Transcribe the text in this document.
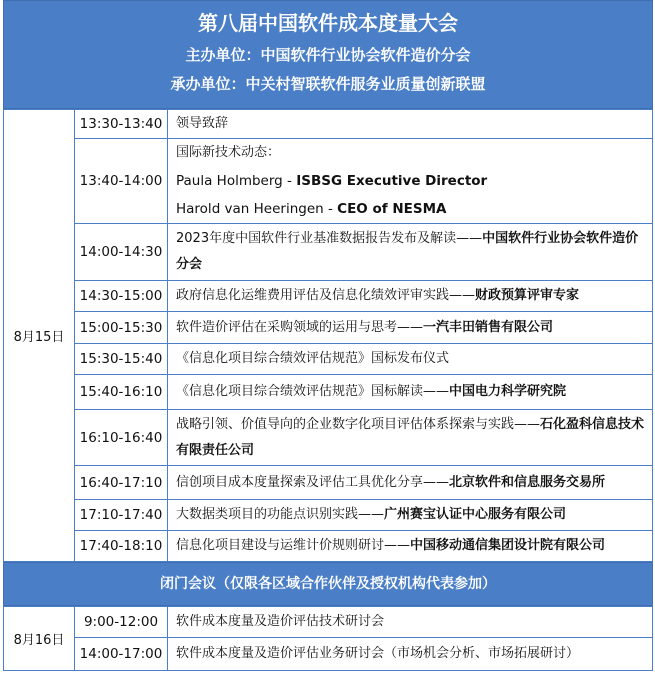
第八届中国软件成本度量大会
主办单位：中国软件行业协会软件造价分会
承办单位：中关村智联软件服务业质量创新联盟
8月15日	13:30-13:40	领导致辞
	13:40-14:00	国际新技术动态：
Paula Holmberg - ISBSG Executive Director
Harold van Heeringen - CEO of NESMA

	14:00-14:30	2023年度中国软件行业基准数据报告发布及解读——中国软件行业协会软件造价分会
	14:30-15:00	政府信息化运维费用评估及信息化绩效评审实践——财政预算评审专家
	15:00-15:30	软件造价评估在采购领域的运用与思考——一汽丰田销售有限公司
	15:30-15:40	《信息化项目综合绩效评估规范》国标发布仪式
	15:40-16:10	《信息化项目综合绩效评估规范》国标解读——中国电力科学研究院
	16:10-16:40	战略引领、价值导向的企业数字化项目评估体系探索与实践——石化盈科信息技术有限责任公司
	16:40-17:10	信创项目成本度量探索及评估工具优化分享——北京软件和信息服务交易所
	17:10-17:40	大数据类项目的功能点识别实践——广州赛宝认证中心服务有限公司
	17:40-18:10	信息化项目建设与运维计价规则研讨——中国移动通信集团设计院有限公司
闭门会议（仅限各区域合作伙伴及授权机构代表参加）
8月16日	9:00-12:00	软件成本度量及造价评估技术研讨会
	14:00-17:00	软件成本度量及造价评估业务研讨会（市场机会分析、市场拓展研讨）
